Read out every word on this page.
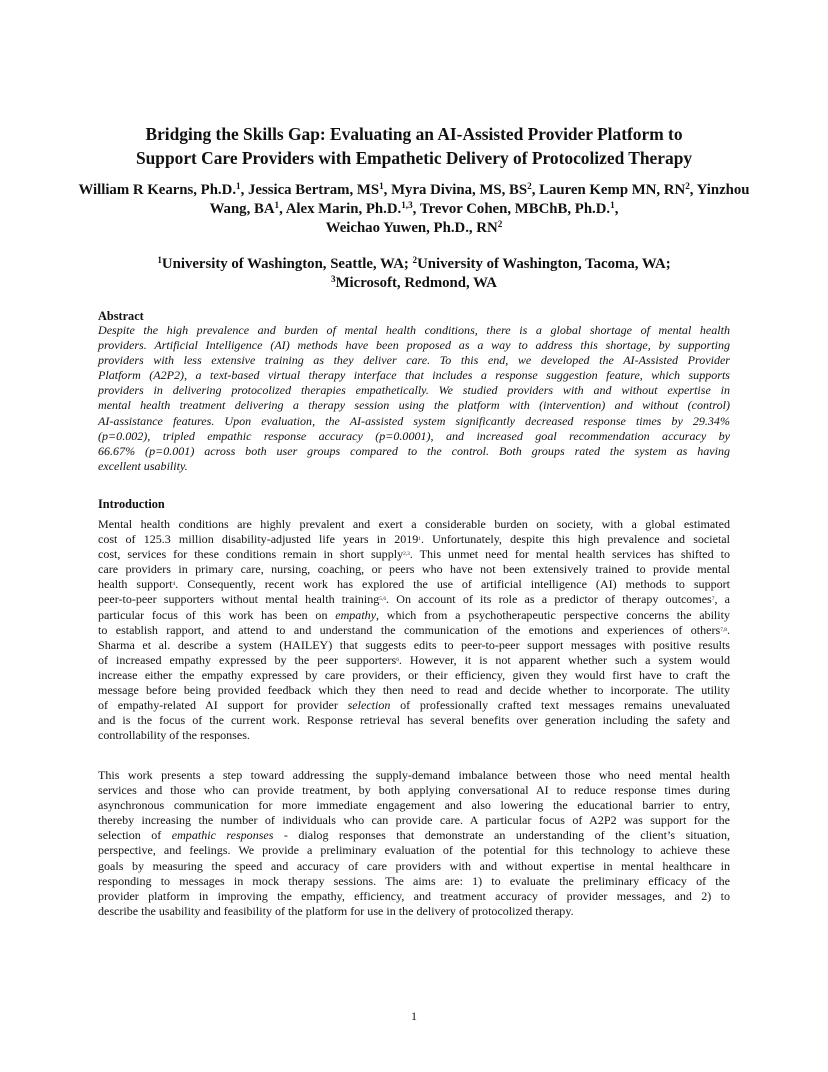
Bridging the Skills Gap: Evaluating an AI-Assisted Provider Platform to
Support Care Providers with Empathetic Delivery of Protocolized Therapy
William R Kearns, Ph.D.$^1$, Jessica Bertram, $MS^1$, Myra Divina, MS, $BS^2$, Lauren Kemp MN, $RN^2$, Yinzhou Wang, $BA^1$, Alex Marin, Ph.D.$^{1,3}$, Trevor Cohen, MBChB, Ph.D.$^1$,
Weichao Yuwen, Ph.D., $RN^2$
$^1$University of Washington, Seattle, WA; $^2$University of Washington, Tacoma, WA;
$^3$Microsoft, Redmond, WA
Abstract
Despite the high prevalence and burden of mental health conditions, there is a global shortage of mental health
providers. Artificial Intelligence (AI) methods have been proposed as a way to address this shortage, by supporting
providers with less extensive training as they deliver care. To this end, we developed the AI-Assisted Provider
Platform (A2P2), a text-based virtual therapy interface that includes a response suggestion feature, which supports
providers in delivering protocolized therapies empathetically. We studied providers with and without expertise in
mental health treatment delivering a therapy session using the platform with (intervention) and without (control)
AI-assistance features. Upon evaluation, the AI-assisted system significantly decreased response times by 29.34%
(p=0.002), tripled empathic response accuracy (p=0.0001), and increased goal recommendation accuracy by
66.67% (p=0.001) across both user groups compared to the control. Both groups rated the system as having
excellent usability.
Introduction
Mental health conditions are highly prevalent and exert a considerable burden on society, with a global estimated
cost of 125.3 million disability-adjusted life years in 2019$^1$. Unfortunately, despite this high prevalence and societal
cost, services for these conditions remain in short supply$^{2,3}$. This unmet need for mental health services has shifted to
care providers in primary care, nursing, coaching, or peers who have not been extensively trained to provide mental
health support$^4$. Consequently, recent work has explored the use of artificial intelligence (AI) methods to support
peer-to-peer supporters without mental health training$^{5,6}$. On account of its role as a predictor of therapy outcomes$^7$, a
particular focus of this work has been on empathy, which from a psychotherapeutic perspective concerns the ability
to establish rapport, and attend to and understand the communication of the emotions and experiences of others$^{7,8}$.
Sharma et al. describe a system (HAILEY) that suggests edits to peer-to-peer support messages with positive results
of increased empathy expressed by the peer supporters$^6$. However, it is not apparent whether such a system would
increase either the empathy expressed by care providers, or their efficiency, given they would first have to craft the
message before being provided feedback which they then need to read and decide whether to incorporate. The utility
of empathy-related AI support for provider selection of professionally crafted text messages remains unevaluated
and is the focus of the current work. Response retrieval has several benefits over generation including the safety and
controllability of the responses.
This work presents a step toward addressing the supply-demand imbalance between those who need mental health
services and those who can provide treatment, by both applying conversational AI to reduce response times during
asynchronous communication for more immediate engagement and also lowering the educational barrier to entry,
thereby increasing the number of individuals who can provide care. A particular focus of A2P2 was support for the
selection of empathic responses - dialog responses that demonstrate an understanding of the client’s situation,
perspective, and feelings. We provide a preliminary evaluation of the potential for this technology to achieve these
goals by measuring the speed and accuracy of care providers with and without expertise in mental healthcare in
responding to messages in mock therapy sessions. The aims are: 1) to evaluate the preliminary efficacy of the
provider platform in improving the empathy, efficiency, and treatment accuracy of provider messages, and 2) to
describe the usability and feasibility of the platform for use in the delivery of protocolized therapy.
1
